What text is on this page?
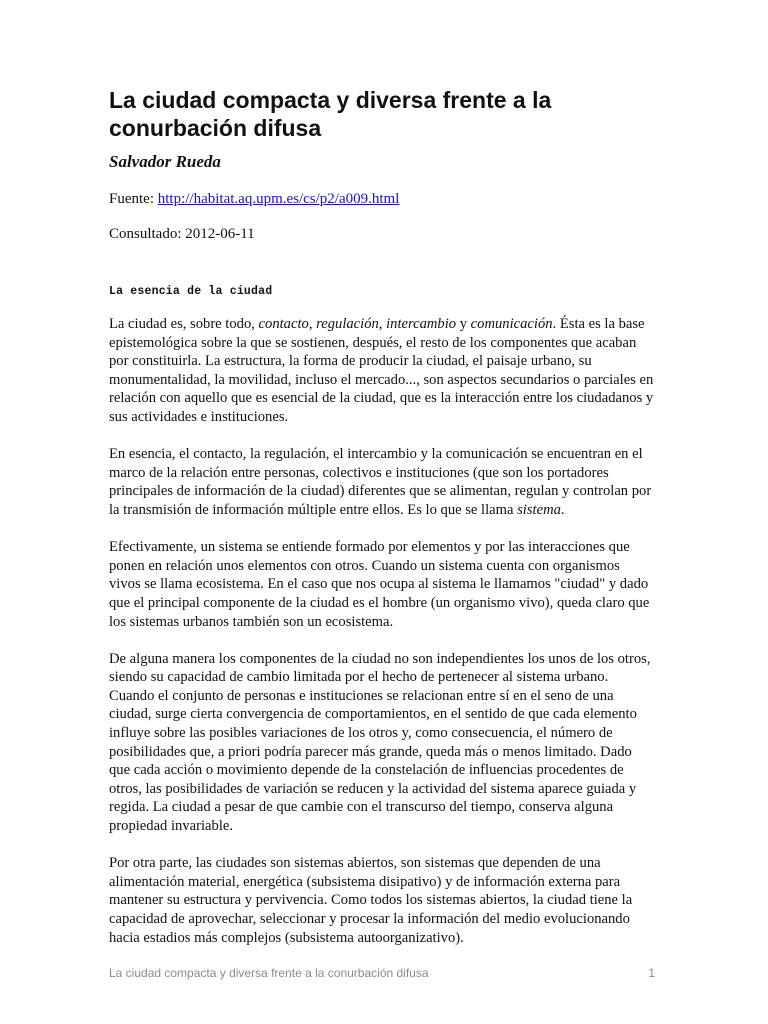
La ciudad compacta y diversa frente a la conurbación difusa
Salvador Rueda
Fuente: http://habitat.aq.upm.es/cs/p2/a009.html
Consultado: 2012-06-11
La esencia de la ciudad

La ciudad es, sobre todo, contacto, regulación, intercambio y comunicación. Ésta es la base epistemológica sobre la que se sostienen, después, el resto de los componentes que acaban por constituirla. La estructura, la forma de producir la ciudad, el paisaje urbano, su monumentalidad, la movilidad, incluso el mercado..., son aspectos secundarios o parciales en relación con aquello que es esencial de la ciudad, que es la interacción entre los ciudadanos y sus actividades e instituciones.

En esencia, el contacto, la regulación, el intercambio y la comunicación se encuentran en el marco de la relación entre personas, colectivos e instituciones (que son los portadores principales de información de la ciudad) diferentes que se alimentan, regulan y controlan por la transmisión de información múltiple entre ellos. Es lo que se llama sistema.

Efectivamente, un sistema se entiende formado por elementos y por las interacciones que ponen en relación unos elementos con otros. Cuando un sistema cuenta con organismos vivos se llama ecosistema. En el caso que nos ocupa al sistema le llamamos "ciudad" y dado que el principal componente de la ciudad es el hombre (un organismo vivo), queda claro que los sistemas urbanos también son un ecosistema.

De alguna manera los componentes de la ciudad no son independientes los unos de los otros, siendo su capacidad de cambio limitada por el hecho de pertenecer al sistema urbano. Cuando el conjunto de personas e instituciones se relacionan entre sí en el seno de una ciudad, surge cierta convergencia de comportamientos, en el sentido de que cada elemento influye sobre las posibles variaciones de los otros y, como consecuencia, el número de posibilidades que, a priori podría parecer más grande, queda más o menos limitado. Dado que cada acción o movimiento depende de la constelación de influencias procedentes de otros, las posibilidades de variación se reducen y la actividad del sistema aparece guiada y regida. La ciudad a pesar de que cambie con el transcurso del tiempo, conserva alguna propiedad invariable.

Por otra parte, las ciudades son sistemas abiertos, son sistemas que dependen de una alimentación material, energética (subsistema disipativo) y de información externa para mantener su estructura y pervivencia. Como todos los sistemas abiertos, la ciudad tiene la capacidad de aprovechar, seleccionar y procesar la información del medio evolucionando hacia estadios más complejos (subsistema autoorganizativo).

La ciudad compacta y diversa frente a la conurbación difusa	1
